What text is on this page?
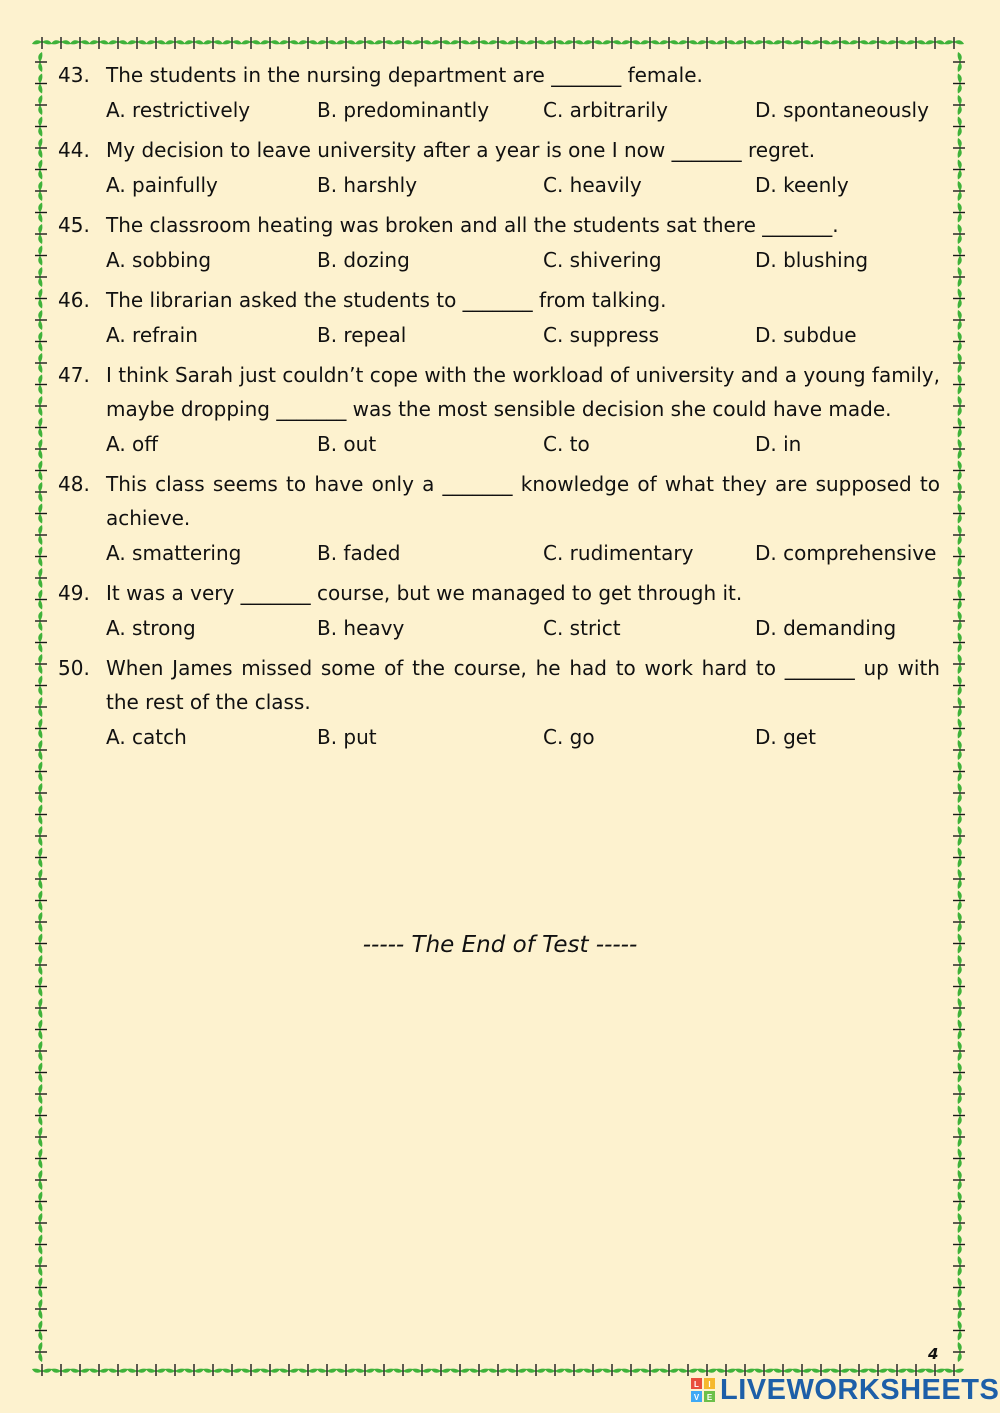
43. The students in the nursing department are _______ female.
A. restrictively	B. predominantly	C. arbitrarily	D. spontaneously
44. My decision to leave university after a year is one I now _______ regret.
A. painfully	B. harshly	C. heavily	D. keenly
45. The classroom heating was broken and all the students sat there _______.
A. sobbing	B. dozing	C. shivering	D. blushing
46. The librarian asked the students to _______ from talking.
A. refrain	B. repeal	C. suppress	D. subdue
47. I think Sarah just couldn’t cope with the workload of university and a young family, maybe dropping _______ was the most sensible decision she could have made.
A. off	B. out	C. to	D. in
48. This class seems to have only a _______ knowledge of what they are supposed to achieve.
A. smattering	B. faded	C. rudimentary	D. comprehensive
49. It was a very _______ course, but we managed to get through it.
A. strong	B. heavy	C. strict	D. demanding
50. When James missed some of the course, he had to work hard to _______ up with the rest of the class.
A. catch	B. put	C. go	D. get
----- The End of Test -----
4
L I
V E LIVEWORKSHEETS
